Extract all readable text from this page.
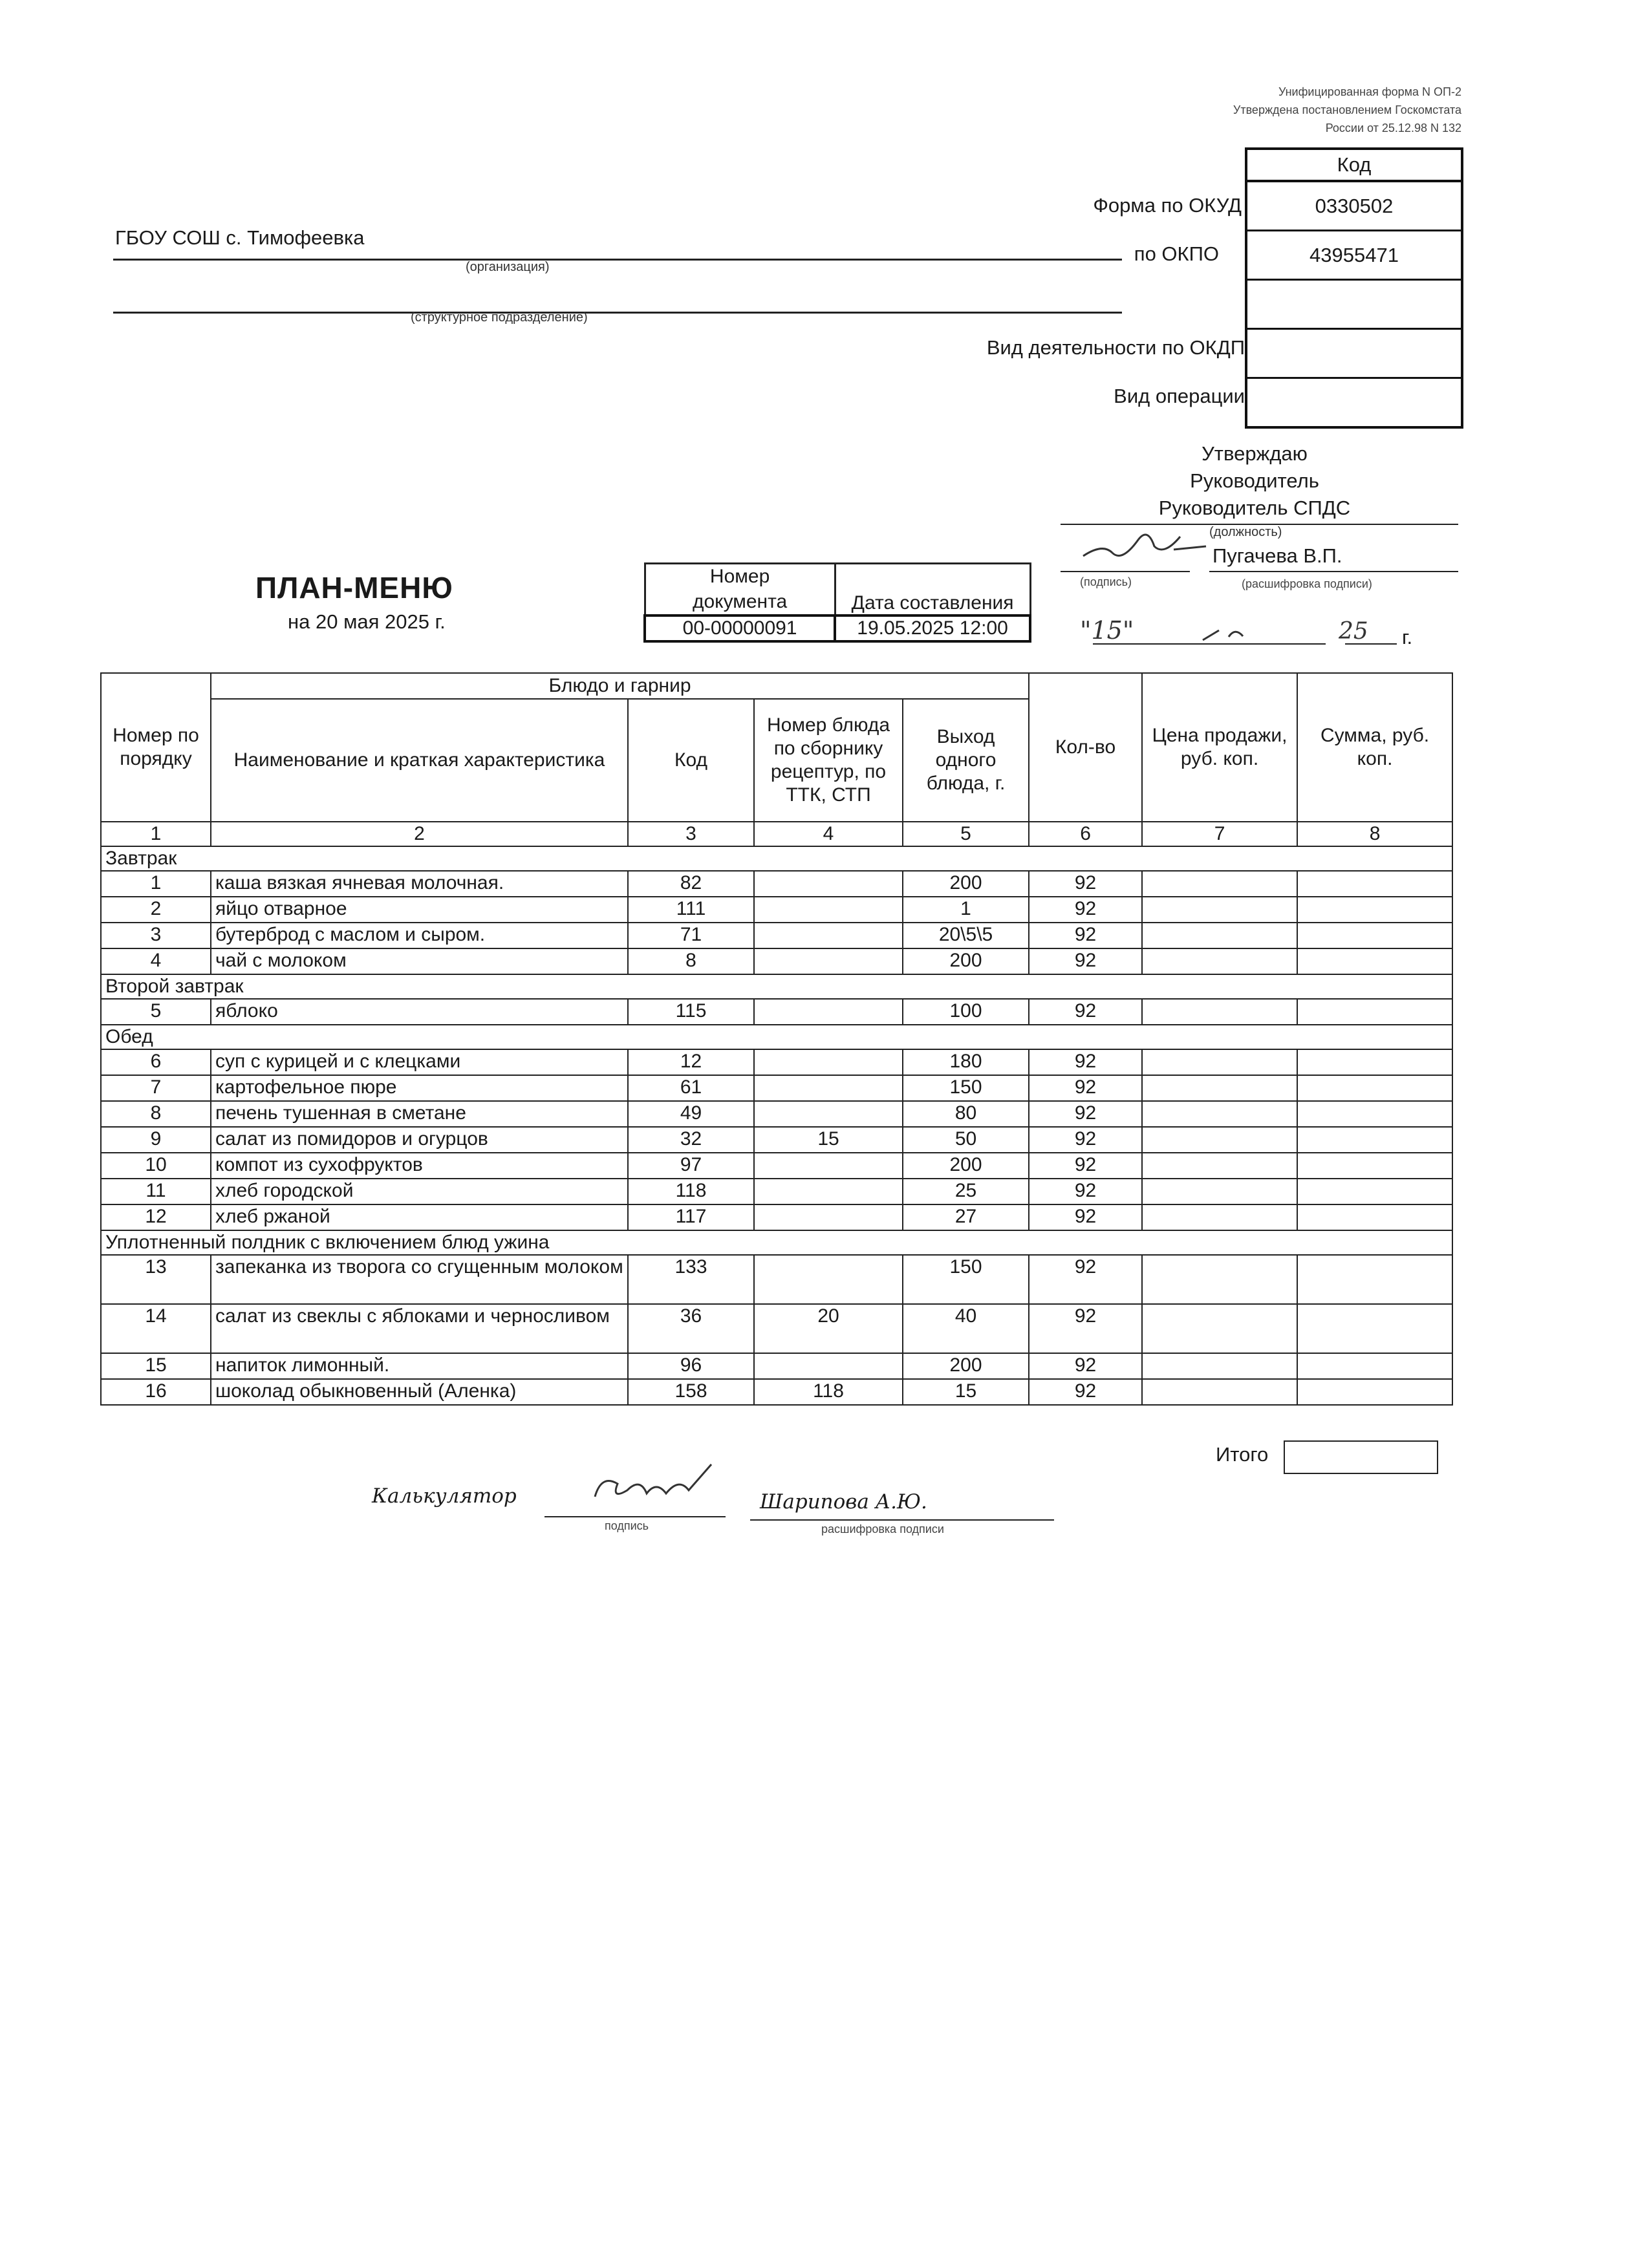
Унифицированная форма N ОП-2
Утверждена постановлением Госкомстата
России от 25.12.98 N 132
Код
0330502
43955471
Форма по ОКУД
по ОКПО
Вид деятельности по ОКДП
Вид операции
ГБОУ СОШ с. Тимофеевка
(организация)
(структурное подразделение)
Утверждаю
Руководитель
Руководитель СПДС
(должность)
Пугачева В.П.
(подпись)	(расшифровка подписи)
"15"	25 г.
ПЛАН-МЕНЮ
на 20 мая 2025 г.
Номер	Дата составления
документа	
00-00000091	19.05.2025 12:00
Номер по порядку	Блюдо и гарнир				Кол-во	Цена продажи, руб. коп.	Сумма, руб. коп.
	Наименование и краткая характеристика	Код	Номер блюда по сборнику рецептур, по ТТК, СТП	Выход одного блюда, г.			
1	2	3	4	5	6	7	8
Завтрак							
1	каша вязкая ячневая молочная.	82		200	92		
2	яйцо отварное	111		1	92		
3	бутерброд с маслом и сыром.	71		20\5\5	92		
4	чай с молоком	8		200	92		
Второй завтрак							
5	яблоко	115		100	92		
Обед							
6	суп с курицей и с клецками	12		180	92		
7	картофельное пюре	61		150	92		
8	печень тушенная в сметане	49		80	92		
9	салат из помидоров и огурцов	32	15	50	92		
10	компот из сухофруктов	97		200	92		
11	хлеб городской	118		25	92		
12	хлеб ржаной	117		27	92		
Уплотненный полдник с включением блюд ужина							
13	запеканка из творога со сгущенным молоком	133		150	92		
14	салат из свеклы с яблоками и черносливом	36	20	40	92		
15	напиток лимонный.	96		200	92		
16	шоколад обыкновенный (Аленка)	158	118	15	92		
Итого
Калькулятор
подпись
Шарипова А.Ю.
расшифровка подписи
